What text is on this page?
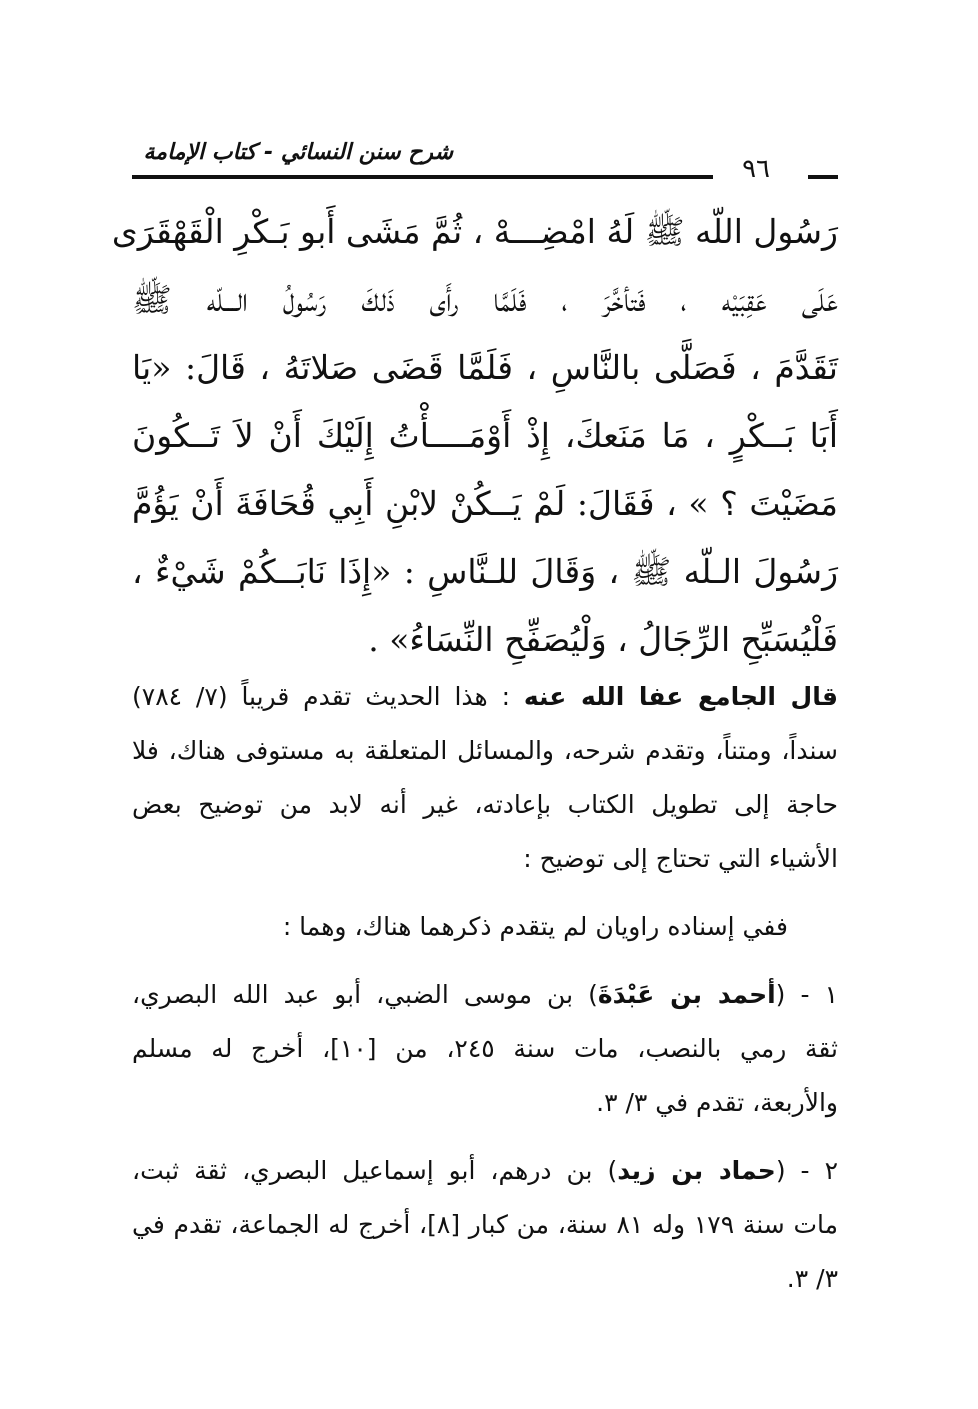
شرح سنن النسائي - كتاب الإمامة
٩٦
رَسُول اللّه ﷺ لَهُ امْضِـــهْ ، ثُمَّ مَشَى أَبو بَـكْرِ الْقَهْقَرَى
عَلَى عَقِبَيْه ، فَتأخَّرَ ، فَلَمَّا رأَى ذَلكَ رَسُولُ الـــلّه ﷺ
تَقَدَّمَ ، فَصَلَّى بالنَّاسِ ، فَلَمَّا قَضَى صَلاتَهُ ، قَالَ: «يَا
أَبَا بَــكْرٍ ، مَا مَنَعكَ، إِذْ أَوْمَــــأْتُ إِلَيْكَ أَنْ لاَ تَــكُونَ
مَضَيْتَ ؟ » ، فَقَالَ: لَمْ يَــكُنْ لابْنِ أَبِي قُحَافَةَ أَنْ يَؤُمَّ
رَسُولَ الـلّه ﷺ ، وَقَالَ للـنَّاسِ : «إِذَا نَابَــكُمْ شَيْءٌ ،
فَلْيُسَبِّحِ الرِّجَالُ ، وَلْيُصَفِّحِ النِّسَاءُ» .
قال الجامع عفا الله عنه : هذا الحديث تقدم قريباً (٧/ ٧٨٤)
سنداً، ومتناً، وتقدم شرحه، والمسائل المتعلقة به مستوفى هناك، فلا
حاجة إلى تطويل الكتاب بإعادته، غير أنه لابد من توضيح بعض
الأشياء التي تحتاج إلى توضيح :
ففي إسناده راويان لم يتقدم ذكرهما هناك، وهما :
١ - (أحمد بن عَبْدَةَ) بن موسى الضبي، أبو عبد الله البصري،
ثقة رمي بالنصب، مات سنة ٢٤٥، من [١٠]، أخرج له مسلم
والأربعة، تقدم في ٣/ ٣.
٢ - (حماد بن زيد) بن درهم، أبو إسماعيل البصري، ثقة ثبت،
مات سنة ١٧٩ وله ٨١ سنة، من كبار [٨]، أخرج له الجماعة، تقدم في
٣/ ٣.
